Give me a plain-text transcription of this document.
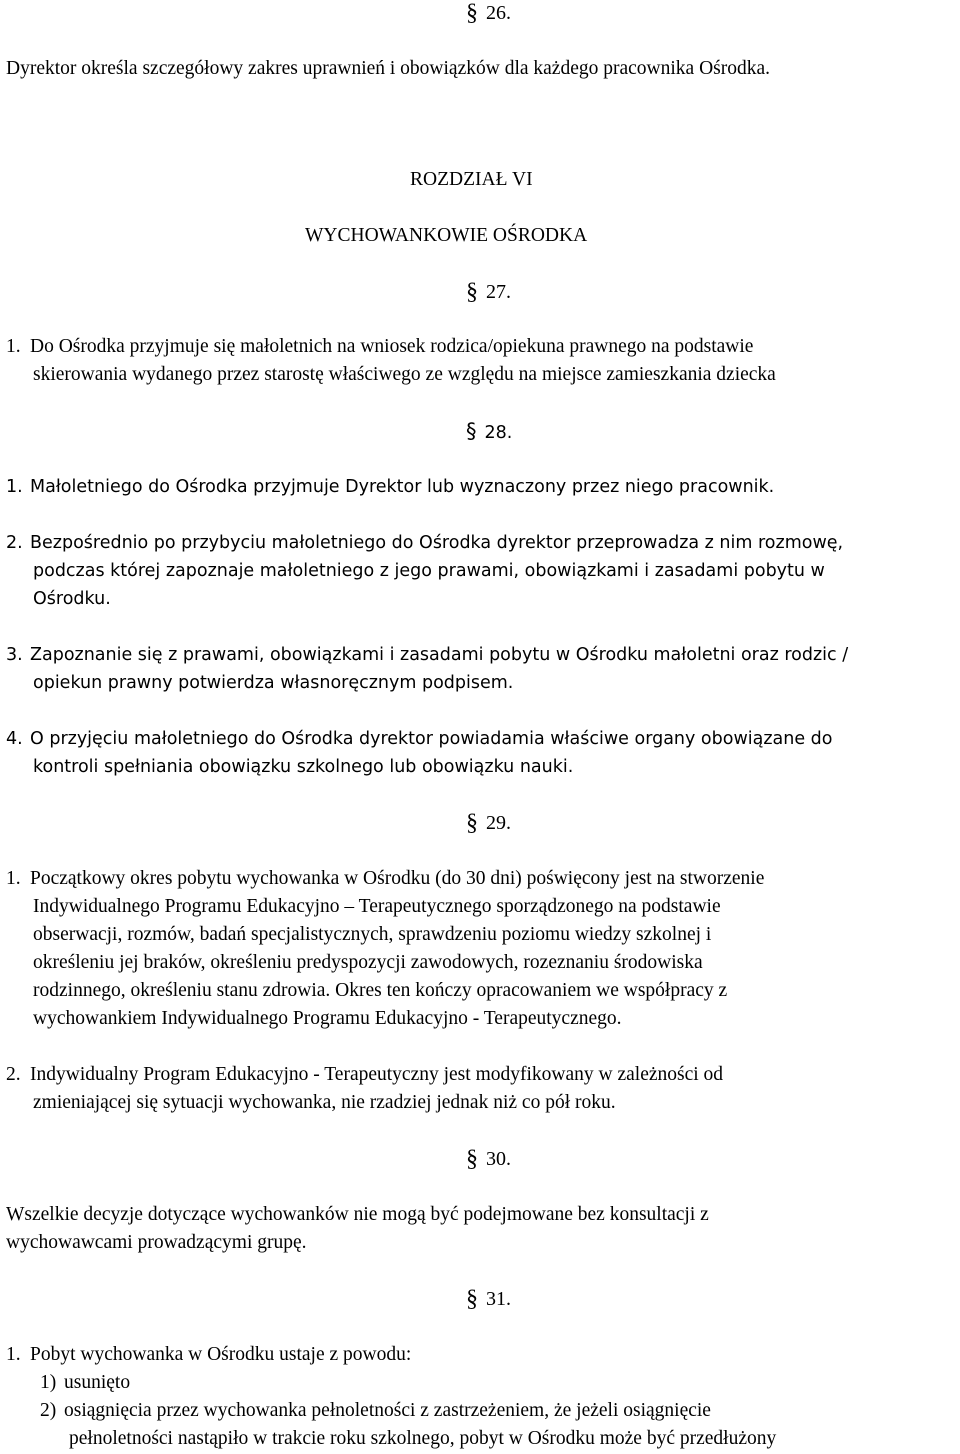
§ 26.
Dyrektor określa szczegółowy zakres uprawnień i obowiązków dla każdego pracownika Ośrodka.
ROZDZIAŁ VI
WYCHOWANKOWIE OŚRODKA
§ 27.
1. Do Ośrodka przyjmuje się małoletnich na wniosek rodzica/opiekuna prawnego na podstawie
skierowania wydanego przez starostę właściwego ze względu na miejsce zamieszkania dziecka
§ 28.
1. Małoletniego do Ośrodka przyjmuje Dyrektor lub wyznaczony przez niego pracownik.
2. Bezpośrednio po przybyciu małoletniego do Ośrodka dyrektor przeprowadza z nim rozmowę,
podczas której zapoznaje małoletniego z jego prawami, obowiązkami i zasadami pobytu w
Ośrodku.
3. Zapoznanie się z prawami, obowiązkami i zasadami pobytu w Ośrodku małoletni oraz rodzic /
opiekun prawny potwierdza własnoręcznym podpisem.
4. O przyjęciu małoletniego do Ośrodka dyrektor powiadamia właściwe organy obowiązane do
kontroli spełniania obowiązku szkolnego lub obowiązku nauki.
§ 29.
1. Początkowy okres pobytu wychowanka w Ośrodku (do 30 dni) poświęcony jest na stworzenie
Indywidualnego Programu Edukacyjno – Terapeutycznego sporządzonego na podstawie
obserwacji, rozmów, badań specjalistycznych, sprawdzeniu poziomu wiedzy szkolnej i
określeniu jej braków, określeniu predyspozycji zawodowych, rozeznaniu środowiska
rodzinnego, określeniu stanu zdrowia. Okres ten kończy opracowaniem we współpracy z
wychowankiem Indywidualnego Programu Edukacyjno - Terapeutycznego.
2. Indywidualny Program Edukacyjno - Terapeutyczny jest modyfikowany w zależności od
zmieniającej się sytuacji wychowanka, nie rzadziej jednak niż co pół roku.
§ 30.
Wszelkie decyzje dotyczące wychowanków nie mogą być podejmowane bez konsultacji z
wychowawcami prowadzącymi grupę.
§ 31.
1. Pobyt wychowanka w Ośrodku ustaje z powodu:
1) usunięto
2) osiągnięcia przez wychowanka pełnoletności z zastrzeżeniem, że jeżeli osiągnięcie
pełnoletności nastąpiło w trakcie roku szkolnego, pobyt w Ośrodku może być przedłużony
